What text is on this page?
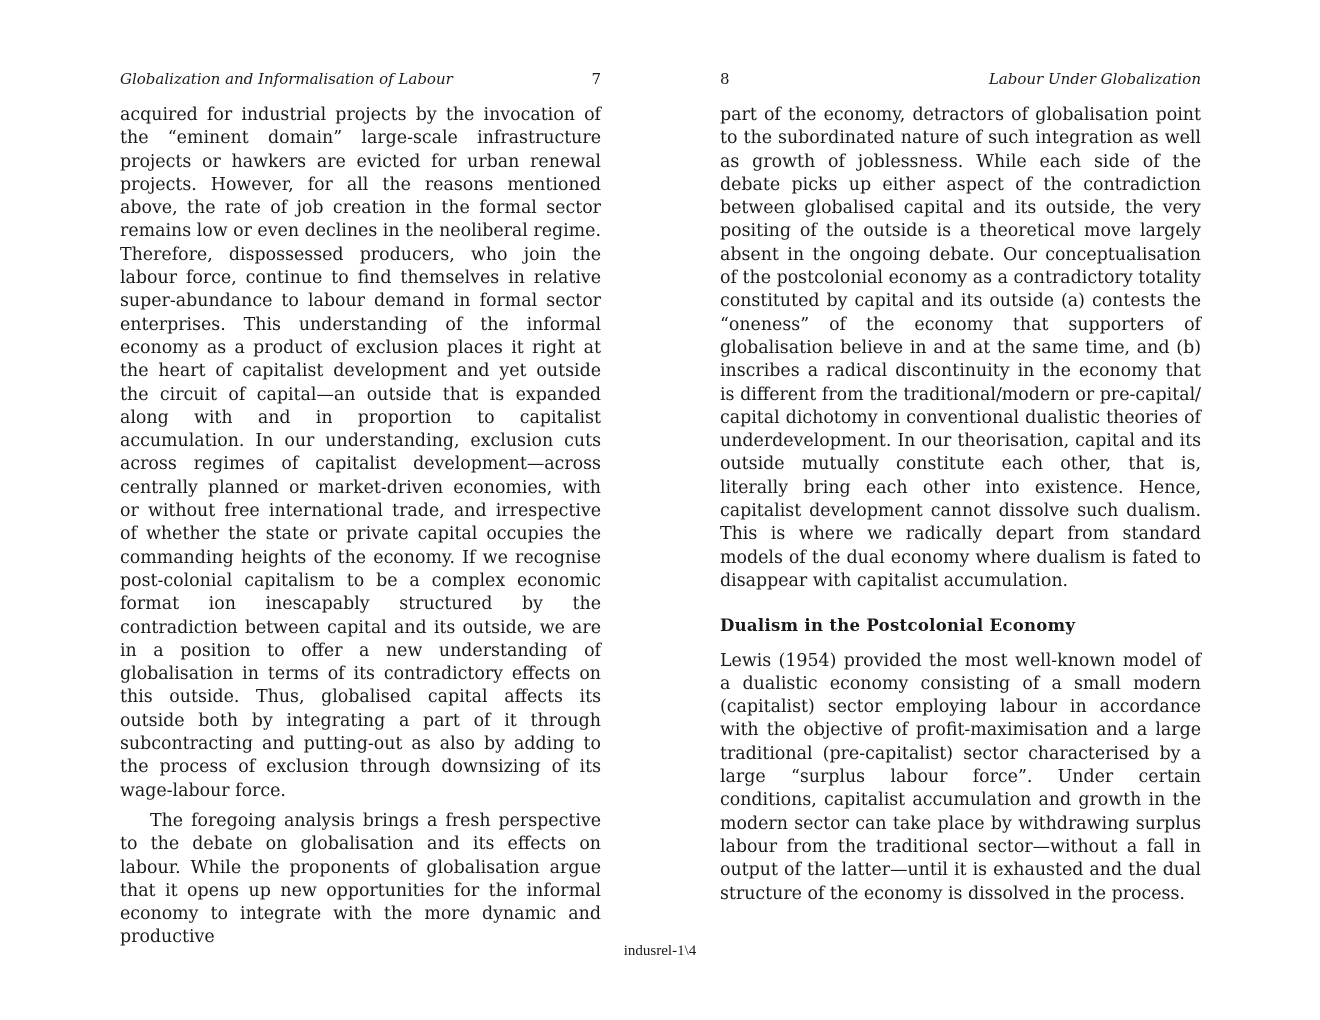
Globalization and Informalisation of Labour	7

acquired for industrial projects by the invocation of the “eminent domain” large-scale infrastructure projects or hawkers are evicted for urban renewal projects. However, for all the reasons mentioned above, the rate of job creation in the formal sector remains low or even declines in the neoliberal regime. Therefore, dispossessed producers, who join the labour force, continue to find themselves in relative super-abundance to labour demand in formal sector enterprises. This understanding of the informal economy as a product of exclusion places it right at the heart of capitalist development and yet outside the circuit of capital—an outside that is expanded along with and in proportion to capitalist accumulation. In our understanding, exclusion cuts across regimes of capitalist development—across centrally planned or market-driven economies, with or without free international trade, and irrespective of whether the state or private capital occupies the commanding heights of the economy. If we recognise post-colonial capitalism to be a complex economic format ion inescapably structured by the contradiction between capital and its outside, we are in a position to offer a new understanding of globalisation in terms of its contradictory effects on this outside. Thus, globalised capital affects its outside both by integrating a part of it through subcontracting and putting-out as also by adding to the process of exclusion through downsizing of its wage-labour force.

The foregoing analysis brings a fresh perspective to the debate on globalisation and its effects on labour. While the proponents of globalisation argue that it opens up new opportunities for the informal economy to integrate with the more dynamic and productive

8	Labour Under Globalization

part of the economy, detractors of globalisation point to the subordinated nature of such integration as well as growth of joblessness. While each side of the debate picks up either aspect of the contradiction between globalised capital and its outside, the very positing of the outside is a theoretical move largely absent in the ongoing debate. Our conceptualisation of the postcolonial economy as a contradictory totality constituted by capital and its outside (a) contests the “oneness” of the economy that supporters of globalisation believe in and at the same time, and (b) inscribes a radical discontinuity in the economy that is different from the traditional/modern or pre-capital/ capital dichotomy in conventional dualistic theories of underdevelopment. In our theorisation, capital and its outside mutually constitute each other, that is, literally bring each other into existence. Hence, capitalist development cannot dissolve such dualism. This is where we radically depart from standard models of the dual economy where dualism is fated to disappear with capitalist accumulation.

Dualism in the Postcolonial Economy

Lewis (1954) provided the most well-known model of a dualistic economy consisting of a small modern (capitalist) sector employing labour in accordance with the objective of profit-maximisation and a large traditional (pre-capitalist) sector characterised by a large “surplus labour force”. Under certain conditions, capitalist accumulation and growth in the modern sector can take place by withdrawing surplus labour from the traditional sector—without a fall in output of the latter—until it is exhausted and the dual structure of the economy is dissolved in the process.

indusrel-1\4
